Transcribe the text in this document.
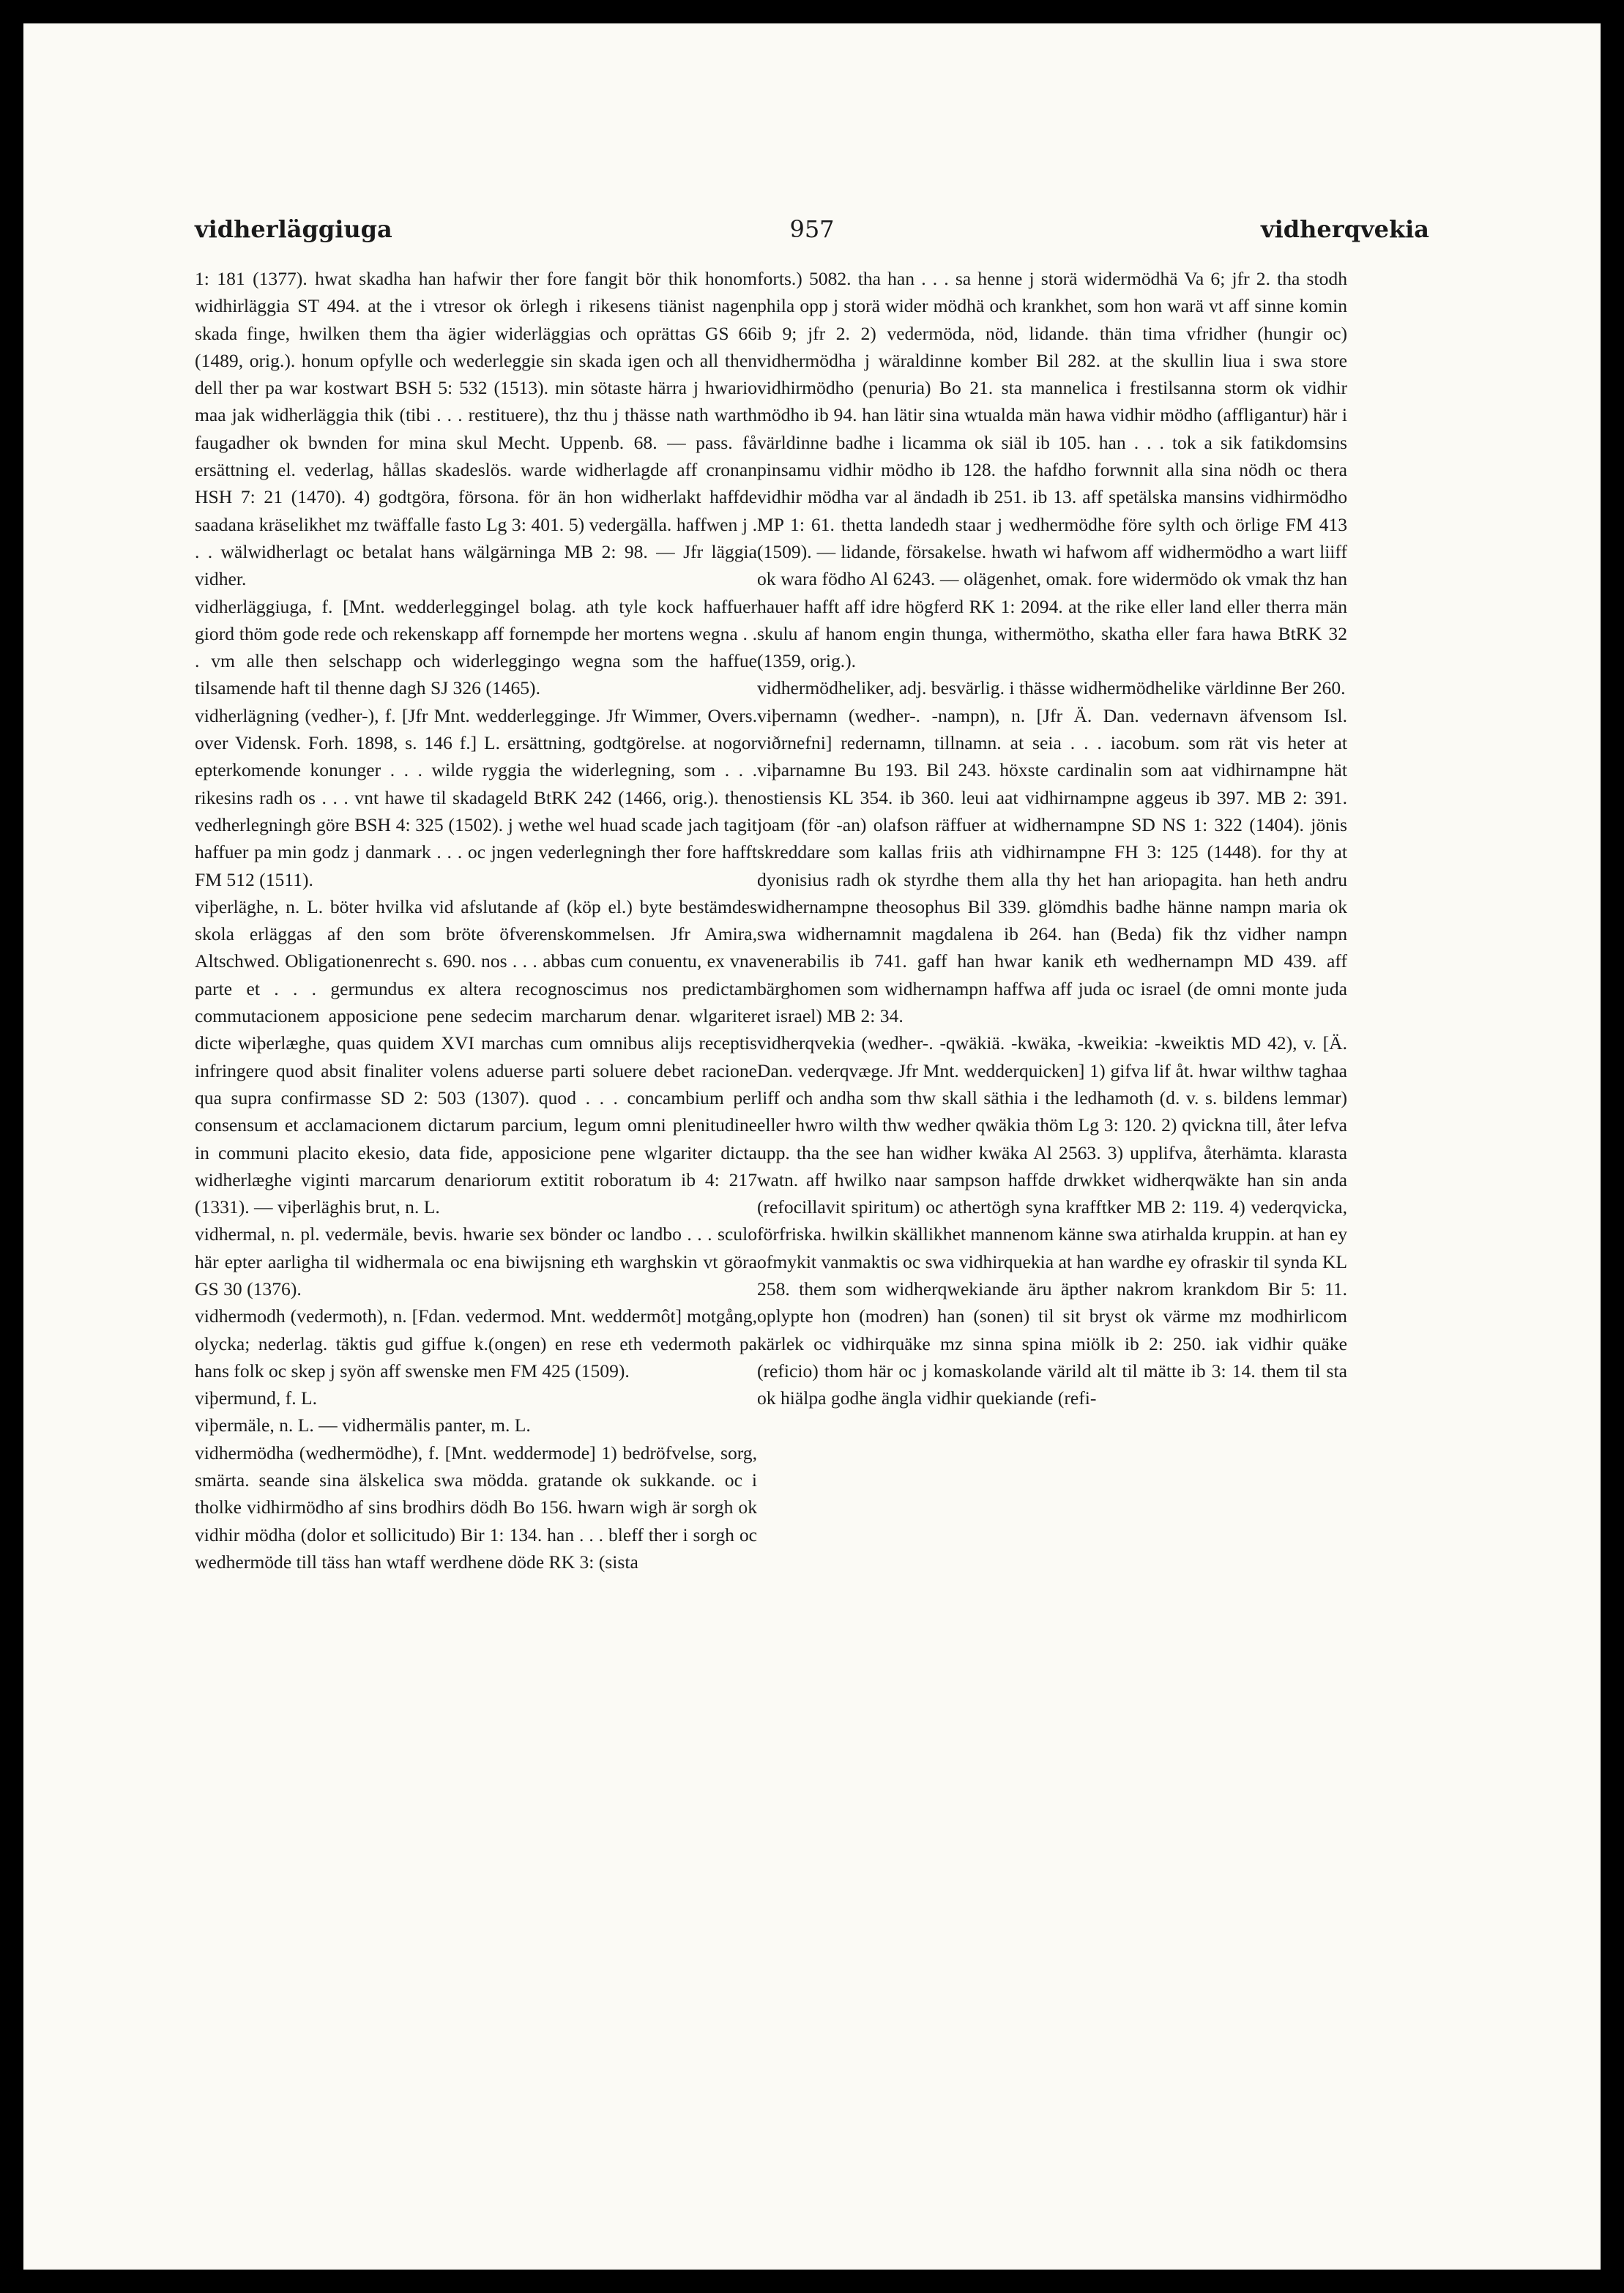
vidherläggiuga	957	vidherqvekia

1: 181 (1377). hwat skadha han hafwir ther fore fangit bör thik honom widhirläggia ST 494. at the i vtresor ok örlegh i rikesens tiänist nagen skada finge, hwilken them tha ägier widerläggias och oprättas GS 66 (1489, orig.). honum opfylle och wederleggie sin skada igen och all then dell ther pa war kostwart BSH 5: 532 (1513). min sötaste härra j hwario maa jak widherläggia thik (tibi . . . restituere), thz thu j thässe nath warth faugadher ok bwnden for mina skul Mecht. Uppenb. 68. — pass. få ersättning el. vederlag, hållas skadeslös. warde widherlagde aff cronan HSH 7: 21 (1470). 4) godtgöra, försona. för än hon widherlakt haffde saadana kräselikhet mz twäffalle fasto Lg 3: 401. 5) vedergälla. haffwen j . . . wälwidherlagt oc betalat hans wälgärninga MB 2: 98. — Jfr läggia vidher.

vidherläggiuga, f. [Mnt. wedderleggingel bolag. ath tyle kock haffuer giord thöm gode rede och rekenskapp aff fornempde her mortens wegna . . . vm alle then selschapp och widerleggingo wegna som the haffue tilsamende haft til thenne dagh SJ 326 (1465).

vidherlägning (vedher-), f. [Jfr Mnt. wedderlegginge. Jfr Wimmer, Overs. over Vidensk. Forh. 1898, s. 146 f.] L. ersättning, godtgörelse. at nogor epterkomende konunger . . . wilde ryggia the widerlegning, som . . . rikesins radh os . . . vnt hawe til skadageld BtRK 242 (1466, orig.). then vedherlegningh göre BSH 4: 325 (1502). j wethe wel huad scade jach tagit haffuer pa min godz j danmark . . . oc jngen vederlegningh ther fore hafft FM 512 (1511).

viþerläghe, n. L. böter hvilka vid afslutande af (köp el.) byte bestämdes skola erläggas af den som bröte öfverenskommelsen. Jfr Amira, Altschwed. Obligationenrecht s. 690. nos . . . abbas cum conuentu, ex vna parte et . . . germundus ex altera recognoscimus nos predictam commutacionem apposicione pene sedecim marcharum denar. wlgariter dicte wiþerlæghe, quas quidem XVI marchas cum omnibus alijs receptis infringere quod absit finaliter volens aduerse parti soluere debet racione qua supra confirmasse SD 2: 503 (1307). quod . . . concambium per consensum et acclamacionem dictarum parcium, legum omni plenitudine in communi placito ekesio, data fide, apposicione pene wlgariter dicta widherlæghe viginti marcarum denariorum extitit roboratum ib 4: 217 (1331). — viþerläghis brut, n. L.

vidhermal, n. pl. vedermäle, bevis. hwarie sex bönder oc landbo . . . sculo här epter aarligha til widhermala oc ena biwijsning eth warghskin vt göra GS 30 (1376).

vidhermodh (vedermoth), n. [Fdan. vedermod. Mnt. weddermôt] motgång, olycka; nederlag. täktis gud giffue k.(ongen) en rese eth vedermoth pa hans folk oc skep j syön aff swenske men FM 425 (1509).

viþermund, f. L.

viþermäle, n. L. — vidhermälis panter, m. L.

vidhermödha (wedhermödhe), f. [Mnt. weddermode] 1) bedröfvelse, sorg, smärta. seande sina älskelica swa mödda. gratande ok sukkande. oc i tholke vidhirmödho af sins brodhirs dödh Bo 156. hwarn wigh är sorgh ok vidhir mödha (dolor et sollicitudo) Bir 1: 134. han . . . bleff ther i sorgh oc wedhermöde till täss han wtaff werdhene döde RK 3: (sista

forts.) 5082. tha han . . . sa henne j storä widermödhä Va 6; jfr 2. tha stodh phila opp j storä wider mödhä och krankhet, som hon warä vt aff sinne komin ib 9; jfr 2. 2) vedermöda, nöd, lidande. thän tima vfridher (hungir oc) vidhermödha j wäraldinne komber Bil 282. at the skullin liua i swa store vidhirmödho (penuria) Bo 21. sta mannelica i frestilsanna storm ok vidhir mödho ib 94. han lätir sina wtualda män hawa vidhir mödho (affligantur) här i världinne badhe i licamma ok siäl ib 105. han . . . tok a sik fatikdomsins pinsamu vidhir mödho ib 128. the hafdho forwnnit alla sina nödh oc thera vidhir mödha var al ändadh ib 251. ib 13. aff spetälska mansins vidhirmödho MP 1: 61. thetta landedh staar j wedhermödhe före sylth och örlige FM 413 (1509). — lidande, försakelse. hwath wi hafwom aff widhermödho a wart liiff ok wara födho Al 6243. — olägenhet, omak. fore widermödo ok vmak thz han hauer hafft aff idre högferd RK 1: 2094. at the rike eller land eller therra män skulu af hanom engin thunga, withermötho, skatha eller fara hawa BtRK 32 (1359, orig.).

vidhermödheliker, adj. besvärlig. i thässe widhermödhelike världinne Ber 260.

viþernamn (wedher-. -nampn), n. [Jfr Ä. Dan. vedernavn äfvensom Isl. viðrnefni] redernamn, tillnamn. at seia . . . iacobum. som rät vis heter at viþarnamne Bu 193. Bil 243. höxste cardinalin som aat vidhirnampne hät ostiensis KL 354. ib 360. leui aat vidhirnampne aggeus ib 397. MB 2: 391. joam (för -an) olafson räffuer at widhernampne SD NS 1: 322 (1404). jönis skreddare som kallas friis ath vidhirnampne FH 3: 125 (1448). for thy at dyonisius radh ok styrdhe them alla thy het han ariopagita. han heth andru widhernampne theosophus Bil 339. glömdhis badhe hänne nampn maria ok swa widhernamnit magdalena ib 264. han (Beda) fik thz vidher nampn venerabilis ib 741. gaff han hwar kanik eth wedhernampn MD 439. aff bärghomen som widhernampn haffwa aff juda oc israel (de omni monte juda et israel) MB 2: 34.

vidherqvekia (wedher-. -qwäkiä. -kwäka, -kweikia: -kweiktis MD 42), v. [Ä. Dan. vederqvæge. Jfr Mnt. wedderquicken] 1) gifva lif åt. hwar wilthw taghaa liff och andha som thw skall säthia i the ledhamoth (d. v. s. bildens lemmar) eller hwro wilth thw wedher qwäkia thöm Lg 3: 120. 2) qvickna till, åter lefva upp. tha the see han widher kwäka Al 2563. 3) upplifva, återhämta. klarasta watn. aff hwilko naar sampson haffde drwkket widherqwäkte han sin anda (refocillavit spiritum) oc athertögh syna krafftker MB 2: 119. 4) vederqvicka, förfriska. hwilkin skällikhet mannenom känne swa atirhalda kruppin. at han ey ofmykit vanmaktis oc swa vidhirquekia at han wardhe ey ofraskir til synda KL 258. them som widherqwekiande äru äpther nakrom krankdom Bir 5: 11. oplypte hon (modren) han (sonen) til sit bryst ok värme mz modhirlicom kärlek oc vidhirquäke mz sinna spina miölk ib 2: 250. iak vidhir quäke (reficio) thom här oc j komaskolande värild alt til mätte ib 3: 14. them til sta ok hiälpa godhe ängla vidhir quekiande (refi-
